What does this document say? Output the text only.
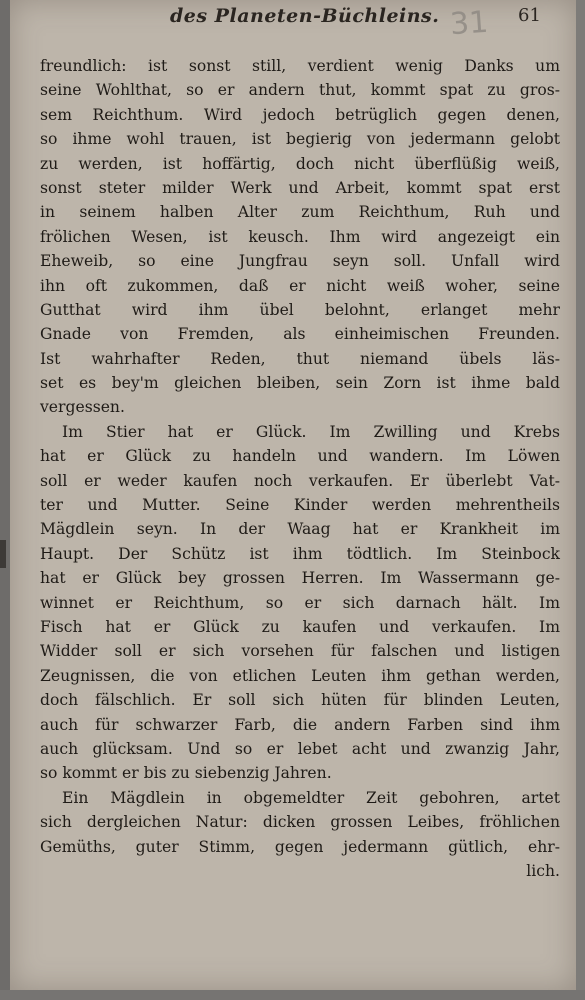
des Planeten-Büchleins. 31 61
freundlich: ist sonst still, verdient wenig Danks um
seine Wohlthat, so er andern thut, kommt spat zu gros-
sem Reichthum. Wird jedoch betrüglich gegen denen,
so ihme wohl trauen, ist begierig von jedermann gelobt
zu werden, ist hoffärtig, doch nicht überflüßig weiß,
sonst steter milder Werk und Arbeit, kommt spat erst
in seinem halben Alter zum Reichthum, Ruh und
frölichen Wesen, ist keusch. Ihm wird angezeigt ein
Eheweib, so eine Jungfrau seyn soll. Unfall wird
ihn oft zukommen, daß er nicht weiß woher, seine
Gutthat wird ihm übel belohnt, erlanget mehr
Gnade von Fremden, als einheimischen Freunden.
Ist wahrhafter Reden, thut niemand übels läs-
set es bey'm gleichen bleiben, sein Zorn ist ihme bald
vergessen.
Im Stier hat er Glück. Im Zwilling und Krebs
hat er Glück zu handeln und wandern. Im Löwen
soll er weder kaufen noch verkaufen. Er überlebt Vat-
ter und Mutter. Seine Kinder werden mehrentheils
Mägdlein seyn. In der Waag hat er Krankheit im
Haupt. Der Schütz ist ihm tödtlich. Im Steinbock
hat er Glück bey grossen Herren. Im Wassermann ge-
winnet er Reichthum, so er sich darnach hält. Im
Fisch hat er Glück zu kaufen und verkaufen. Im
Widder soll er sich vorsehen für falschen und listigen
Zeugnissen, die von etlichen Leuten ihm gethan werden,
doch fälschlich. Er soll sich hüten für blinden Leuten,
auch für schwarzer Farb, die andern Farben sind ihm
auch glücksam. Und so er lebet acht und zwanzig Jahr,
so kommt er bis zu siebenzig Jahren.
Ein Mägdlein in obgemeldter Zeit gebohren, artet
sich dergleichen Natur: dicken grossen Leibes, fröhlichen
Gemüths, guter Stimm, gegen jedermann gütlich, ehr-
lich.
